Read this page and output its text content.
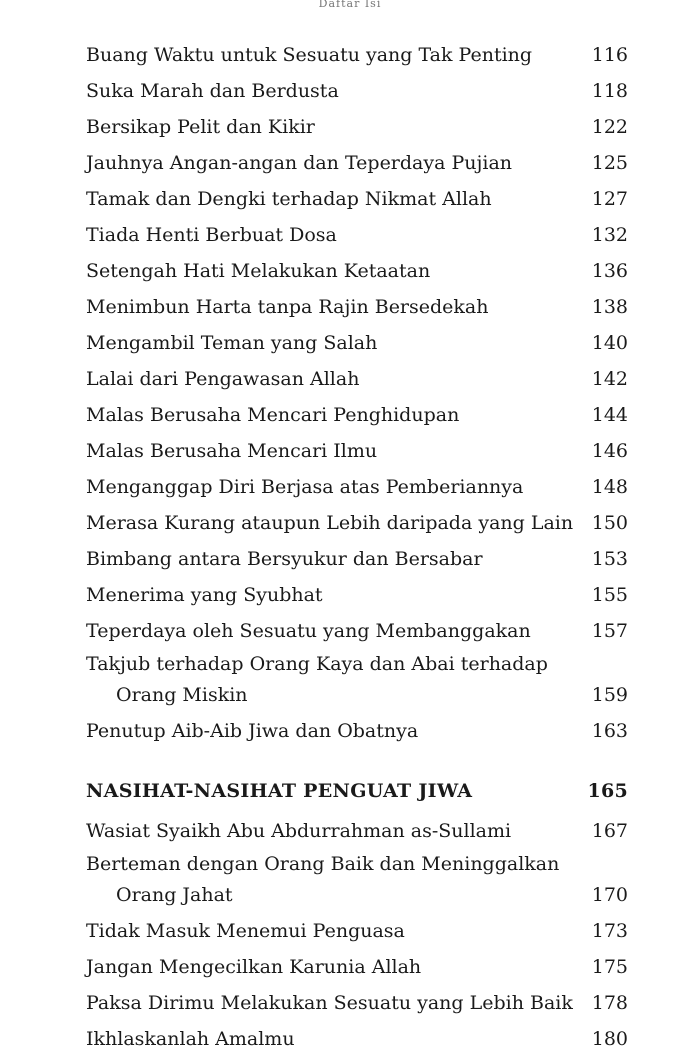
Daftar Isi
Buang Waktu untuk Sesuatu yang Tak Penting	116
Suka Marah dan Berdusta	118
Bersikap Pelit dan Kikir	122
Jauhnya Angan-angan dan Teperdaya Pujian	125
Tamak dan Dengki terhadap Nikmat Allah	127
Tiada Henti Berbuat Dosa	132
Setengah Hati Melakukan Ketaatan	136
Menimbun Harta tanpa Rajin Bersedekah	138
Mengambil Teman yang Salah	140
Lalai dari Pengawasan Allah	142
Malas Berusaha Mencari Penghidupan	144
Malas Berusaha Mencari Ilmu	146
Menganggap Diri Berjasa atas Pemberiannya	148
Merasa Kurang ataupun Lebih daripada yang Lain 150
Bimbang antara Bersyukur dan Bersabar	153
Menerima yang Syubhat	155
Teperdaya oleh Sesuatu yang Membanggakan	157
Takjub terhadap Orang Kaya dan Abai terhadap
Orang Miskin	159
Penutup Aib-Aib Jiwa dan Obatnya	163
NASIHAT-NASIHAT PENGUAT JIWA	165
Wasiat Syaikh Abu Abdurrahman as-Sullami	167
Berteman dengan Orang Baik dan Meninggalkan
Orang Jahat	170
Tidak Masuk Menemui Penguasa	173
Jangan Mengecilkan Karunia Allah	175
Paksa Dirimu Melakukan Sesuatu yang Lebih Baik 178
Ikhlaskanlah Amalmu	180
